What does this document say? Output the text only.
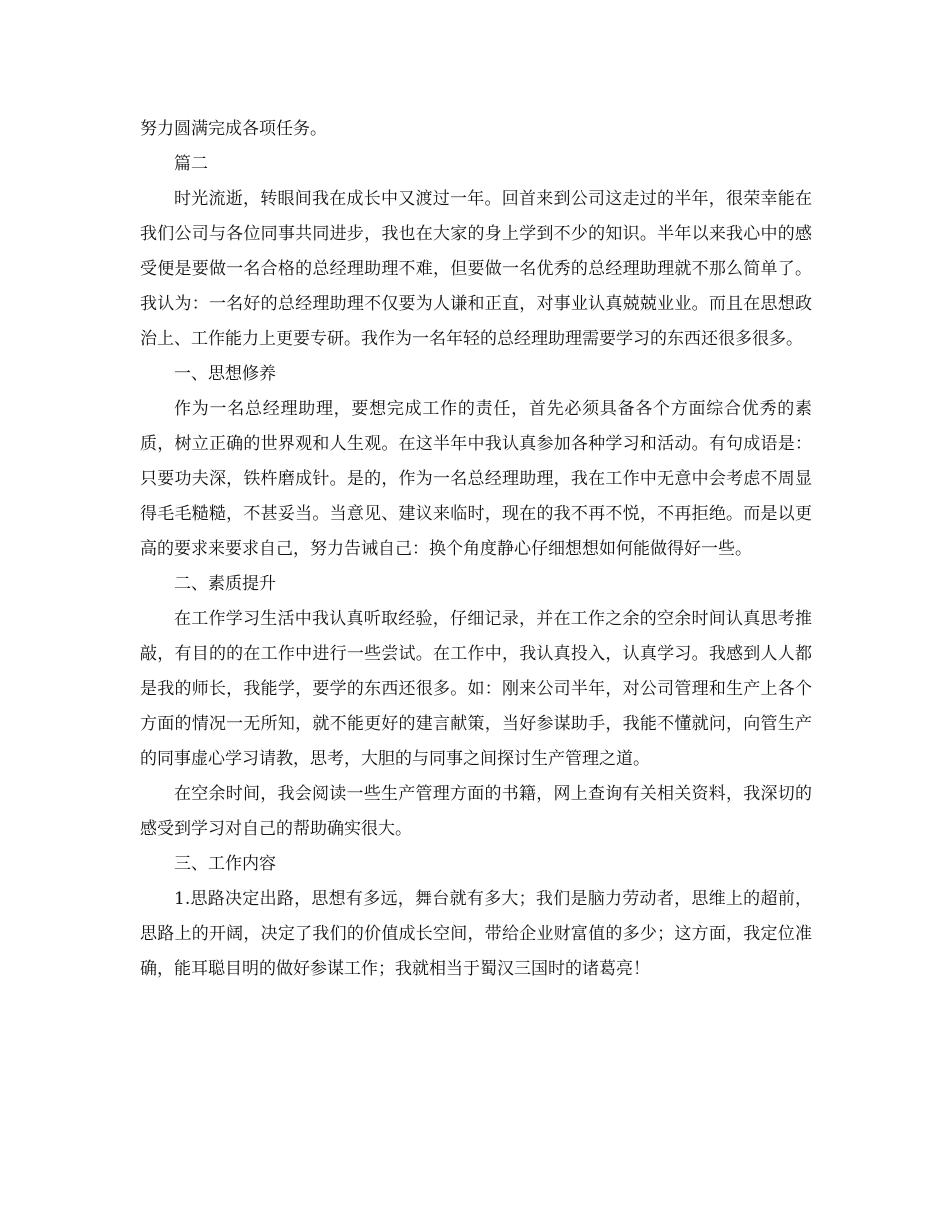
努力圆满完成各项任务。

篇二

时光流逝，转眼间我在成长中又渡过一年。回首来到公司这走过的半年，很荣幸能在我们公司与各位同事共同进步，我也在大家的身上学到不少的知识。半年以来我心中的感受便是要做一名合格的总经理助理不难，但要做一名优秀的总经理助理就不那么简单了。我认为：一名好的总经理助理不仅要为人谦和正直，对事业认真兢兢业业。而且在思想政治上、工作能力上更要专研。我作为一名年轻的总经理助理需要学习的东西还很多很多。

一、思想修养

作为一名总经理助理，要想完成工作的责任，首先必须具备各个方面综合优秀的素质，树立正确的世界观和人生观。在这半年中我认真参加各种学习和活动。有句成语是：只要功夫深，铁杵磨成针。是的，作为一名总经理助理，我在工作中无意中会考虑不周显得毛毛糙糙，不甚妥当。当意见、建议来临时，现在的我不再不悦，不再拒绝。而是以更高的要求来要求自己，努力告诫自己：换个角度静心仔细想想如何能做得好一些。

二、素质提升

在工作学习生活中我认真听取经验，仔细记录，并在工作之余的空余时间认真思考推敲，有目的的在工作中进行一些尝试。在工作中，我认真投入，认真学习。我感到人人都是我的师长，我能学，要学的东西还很多。如：刚来公司半年，对公司管理和生产上各个方面的情况一无所知，就不能更好的建言献策，当好参谋助手，我能不懂就问，向管生产的同事虚心学习请教，思考，大胆的与同事之间探讨生产管理之道。

在空余时间，我会阅读一些生产管理方面的书籍，网上查询有关相关资料，我深切的感受到学习对自己的帮助确实很大。

三、工作内容

1.思路决定出路，思想有多远，舞台就有多大；我们是脑力劳动者，思维上的超前，思路上的开阔，决定了我们的价值成长空间，带给企业财富值的多少；这方面，我定位准确，能耳聪目明的做好参谋工作；我就相当于蜀汉三国时的诸葛亮！
